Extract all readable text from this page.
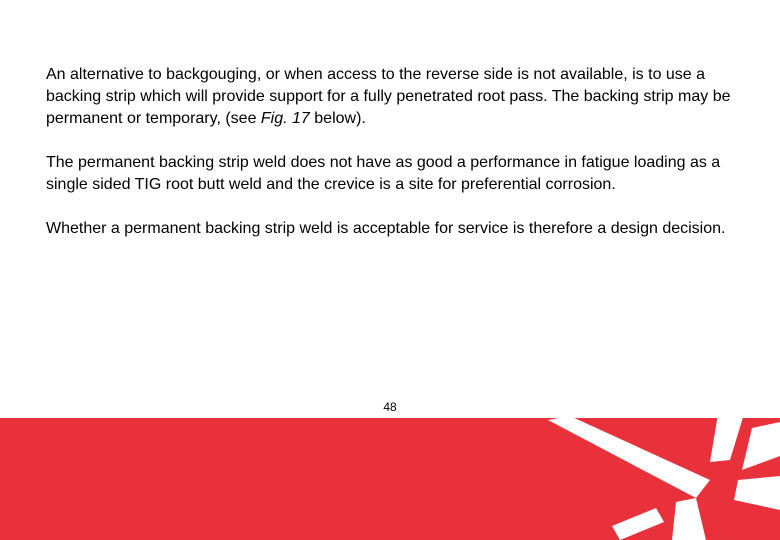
An alternative to backgouging, or when access to the reverse side is not available, is to use a backing strip which will provide support for a fully penetrated root pass. The backing strip may be permanent or temporary, (see Fig. 17 below).

The permanent backing strip weld does not have as good a performance in fatigue loading as a single sided TIG root butt weld and the crevice is a site for preferential corrosion.

Whether a permanent backing strip weld is acceptable for service is therefore a design decision.

48
